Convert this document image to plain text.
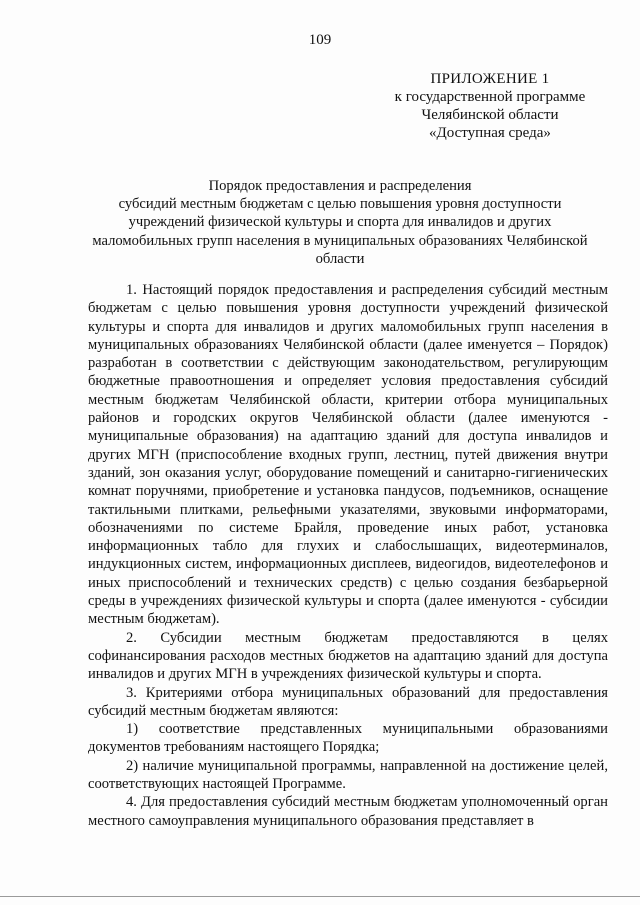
109
ПРИЛОЖЕНИЕ 1
к государственной программе
Челябинской области
«Доступная среда»
Порядок предоставления и распределения
субсидий местным бюджетам с целью повышения уровня доступности
учреждений физической культуры и спорта для инвалидов и других
маломобильных групп населения в муниципальных образованиях Челябинской
области

1. Настоящий порядок предоставления и распределения субсидий местным бюджетам с целью повышения уровня доступности учреждений физической культуры и спорта для инвалидов и других маломобильных групп населения в муниципальных образованиях Челябинской области (далее именуется – Порядок) разработан в соответствии с действующим законодательством, регулирующим бюджетные правоотношения и определяет условия предоставления субсидий местным бюджетам Челябинской области, критерии отбора муниципальных районов и городских округов Челябинской области (далее именуются - муниципальные образования) на адаптацию зданий для доступа инвалидов и других МГН (приспособление входных групп, лестниц, путей движения внутри зданий, зон оказания услуг, оборудование помещений и санитарно-гигиенических комнат поручнями, приобретение и установка пандусов, подъемников, оснащение тактильными плитками, рельефными указателями, звуковыми информаторами, обозначениями по системе Брайля, проведение иных работ, установка информационных табло для глухих и слабослышащих, видеотерминалов, индукционных систем, информационных дисплеев, видеогидов, видеотелефонов и иных приспособлений и технических средств) с целью создания безбарьерной среды в учреждениях физической культуры и спорта (далее именуются - субсидии местным бюджетам).

2. Субсидии местным бюджетам предоставляются в целях софинансирования расходов местных бюджетов на адаптацию зданий для доступа инвалидов и других МГН в учреждениях физической культуры и спорта.

3. Критериями отбора муниципальных образований для предоставления субсидий местным бюджетам являются:

1) соответствие представленных муниципальными образованиями документов требованиям настоящего Порядка;

2) наличие муниципальной программы, направленной на достижение целей, соответствующих настоящей Программе.

4. Для предоставления субсидий местным бюджетам уполномоченный орган местного самоуправления муниципального образования представляет в
